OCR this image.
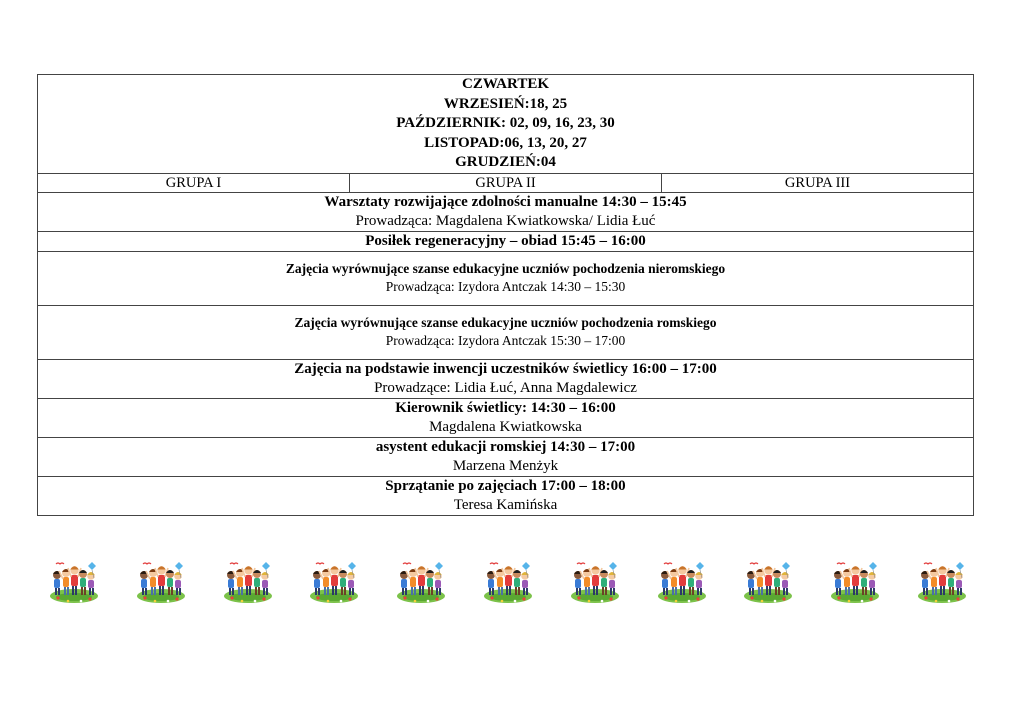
CZWARTEK
WRZESIEŃ:18, 25
PAŹDZIERNIK: 02, 09, 16, 23, 30
LISTOPAD:06, 13, 20, 27
GRUDZIEŃ:04

GRUPA I	GRUPA II	GRUPA III

Warsztaty rozwijające zdolności manualne 14:30 – 15:45
Prowadząca: Magdalena Kwiatkowska/ Lidia Łuć

Posiłek regeneracyjny – obiad 15:45 – 16:00

Zajęcia wyrównujące szanse edukacyjne uczniów pochodzenia nieromskiego
Prowadząca: Izydora Antczak 14:30 – 15:30

Zajęcia wyrównujące szanse edukacyjne uczniów pochodzenia romskiego
Prowadząca: Izydora Antczak 15:30 – 17:00

Zajęcia na podstawie inwencji uczestników świetlicy 16:00 – 17:00
Prowadzące: Lidia Łuć, Anna Magdalewicz

Kierownik świetlicy: 14:30 – 16:00
Magdalena Kwiatkowska

asystent edukacji romskiej 14:30 – 17:00
Marzena Menżyk

Sprzątanie po zajęciach 17:00 – 18:00
Teresa Kamińska
